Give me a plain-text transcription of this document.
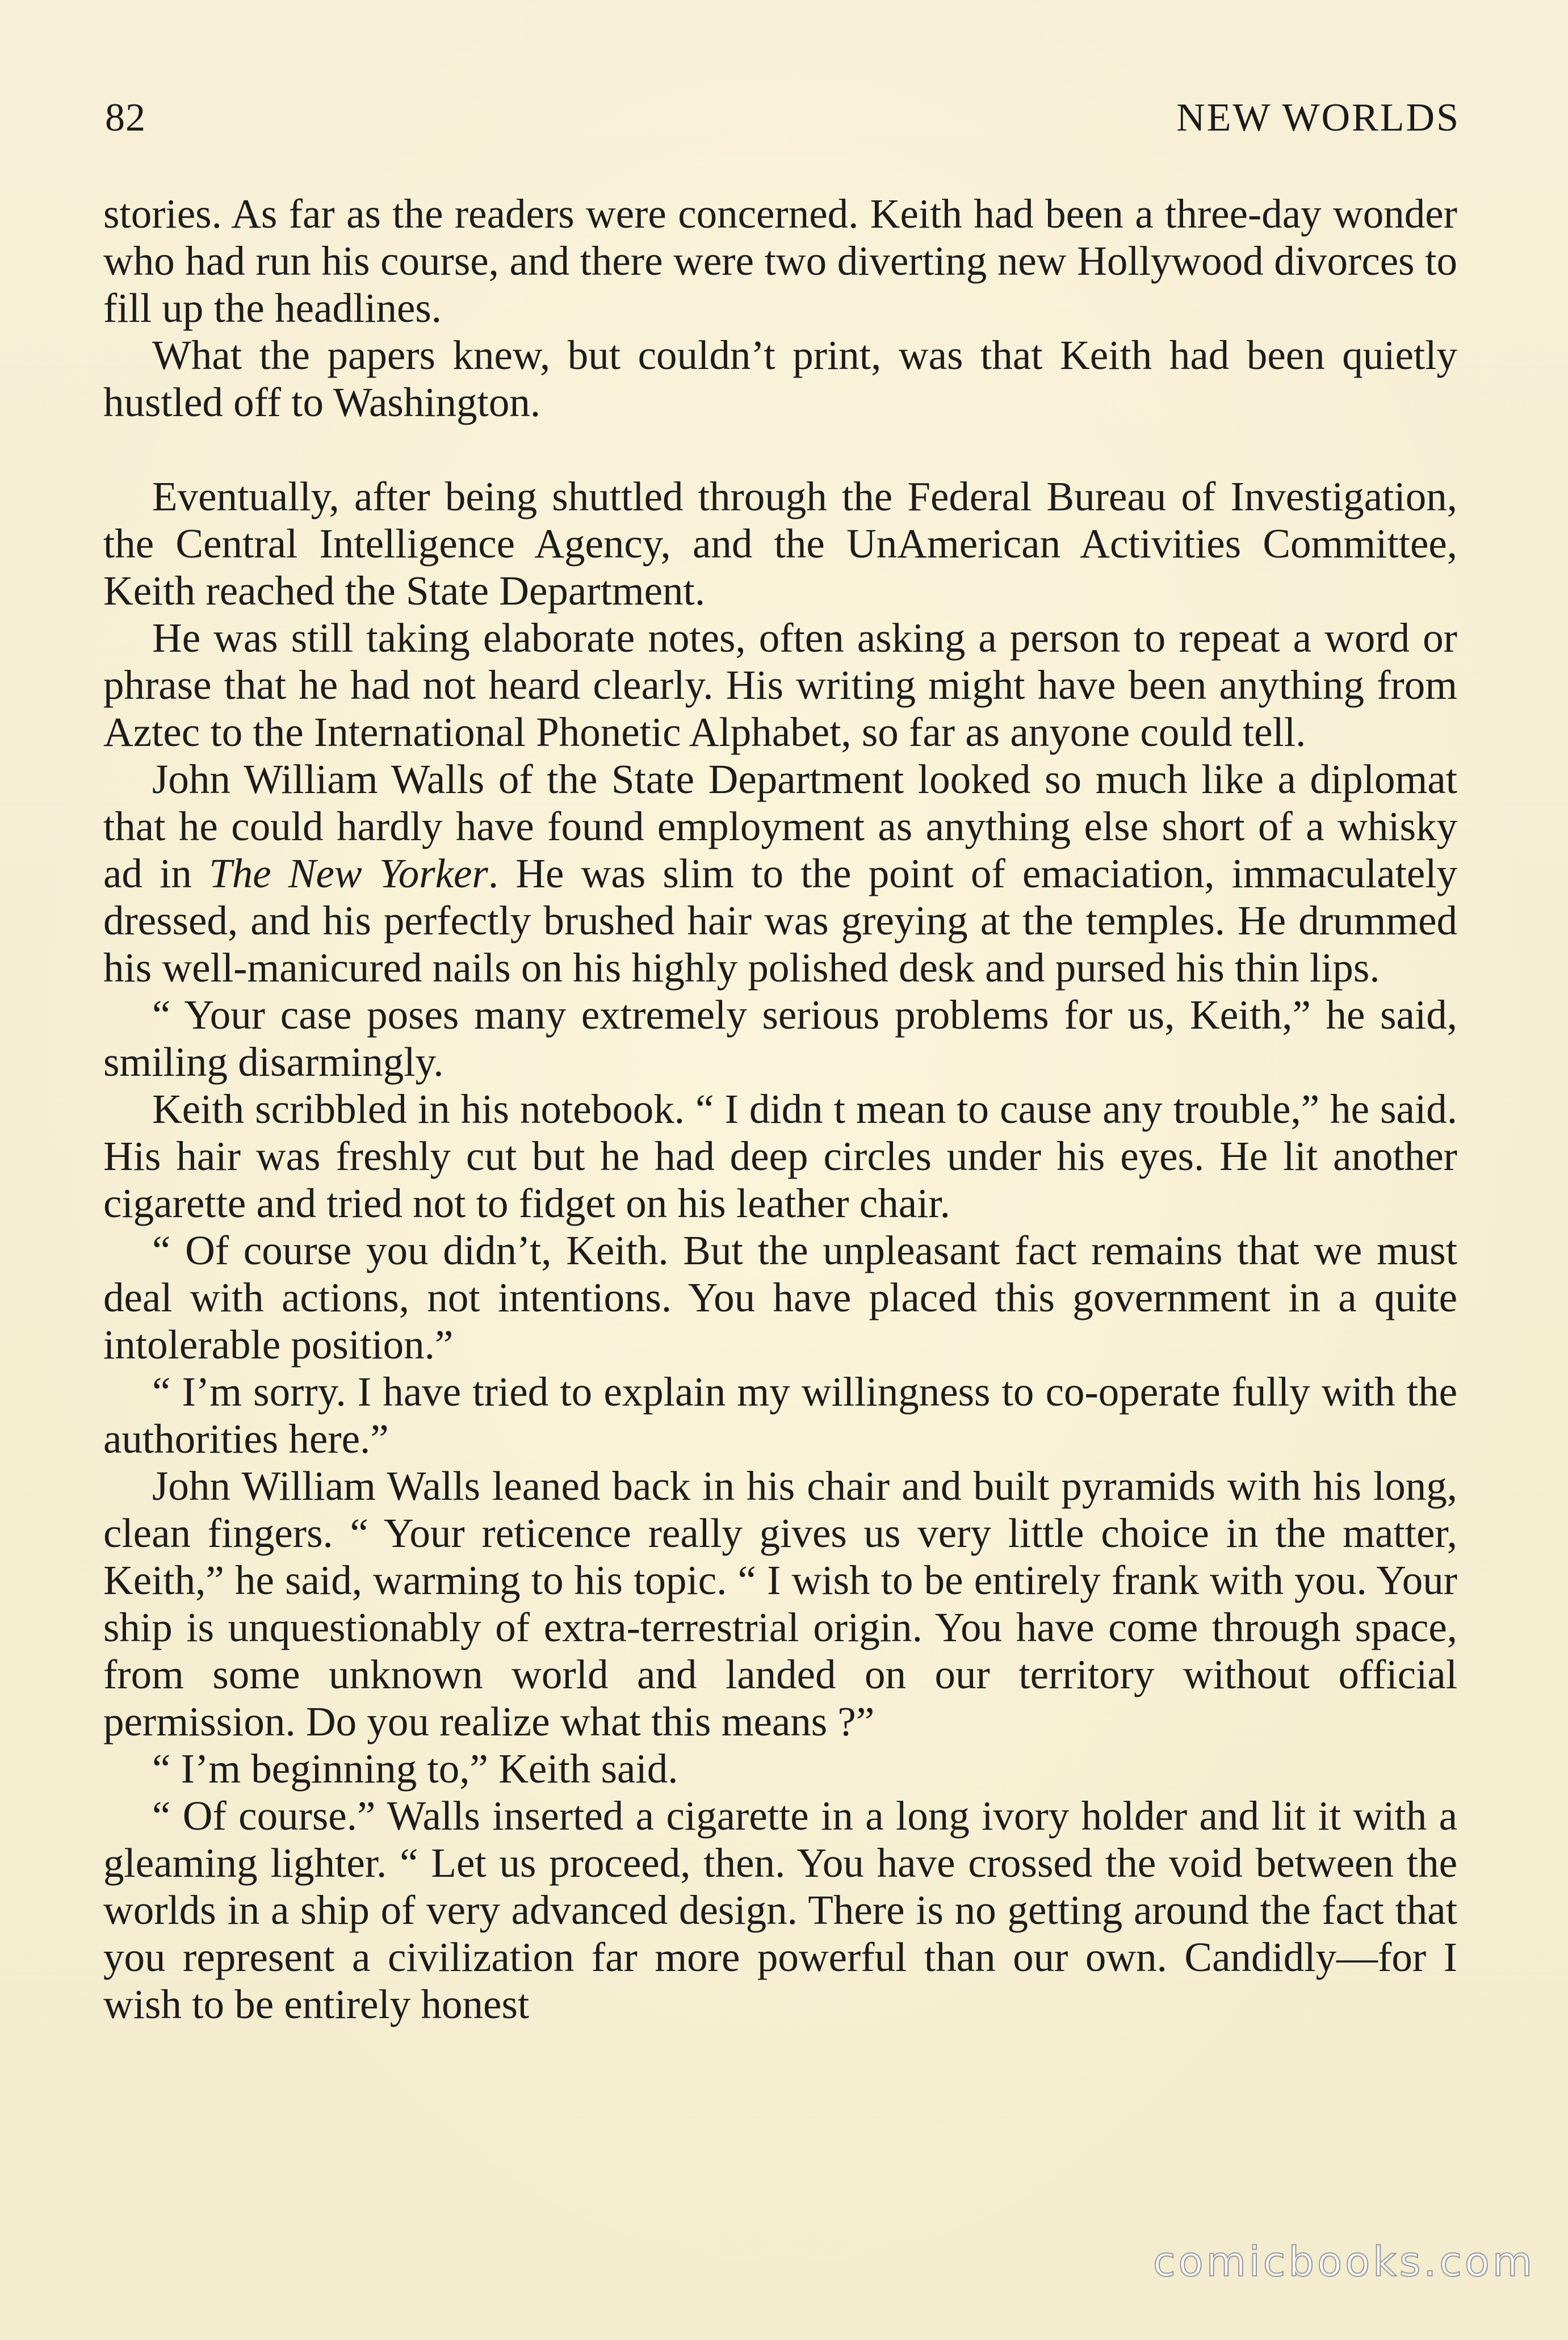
82	NEW WORLDS

stories. As far as the readers were concerned. Keith had been a three-day wonder who had run his course, and there were two diverting new Hollywood divorces to fill up the headlines.

What the papers knew, but couldn’t print, was that Keith had been quietly hustled off to Washington.

Eventually, after being shuttled through the Federal Bureau of Investigation, the Central Intelligence Agency, and the UnAmerican Activities Committee, Keith reached the State Department.

He was still taking elaborate notes, often asking a person to repeat a word or phrase that he had not heard clearly. His writing might have been anything from Aztec to the International Phonetic Alphabet, so far as anyone could tell.

John William Walls of the State Department looked so much like a diplomat that he could hardly have found employment as anything else short of a whisky ad in The New Yorker. He was slim to the point of emaciation, immaculately dressed, and his perfectly brushed hair was greying at the temples. He drummed his well-manicured nails on his highly polished desk and pursed his thin lips.

“ Your case poses many extremely serious problems for us, Keith,” he said, smiling disarmingly.

Keith scribbled in his notebook. “ I didn t mean to cause any trouble,” he said. His hair was freshly cut but he had deep circles under his eyes. He lit another cigarette and tried not to fidget on his leather chair.

“ Of course you didn’t, Keith. But the unpleasant fact remains that we must deal with actions, not intentions. You have placed this government in a quite intolerable position.”

“ I’m sorry. I have tried to explain my willingness to co-operate fully with the authorities here.”

John William Walls leaned back in his chair and built pyramids with his long, clean fingers. “ Your reticence really gives us very little choice in the matter, Keith,” he said, warming to his topic. “ I wish to be entirely frank with you. Your ship is unquestionably of extra-terrestrial origin. You have come through space, from some unknown world and landed on our territory without official permission. Do you realize what this means ?”

“ I’m beginning to,” Keith said.

“ Of course.” Walls inserted a cigarette in a long ivory holder and lit it with a gleaming lighter. “ Let us proceed, then. You have crossed the void between the worlds in a ship of very advanced design. There is no getting around the fact that you represent a civilization far more powerful than our own. Candidly—for I wish to be entirely honest

comicbooks.com
